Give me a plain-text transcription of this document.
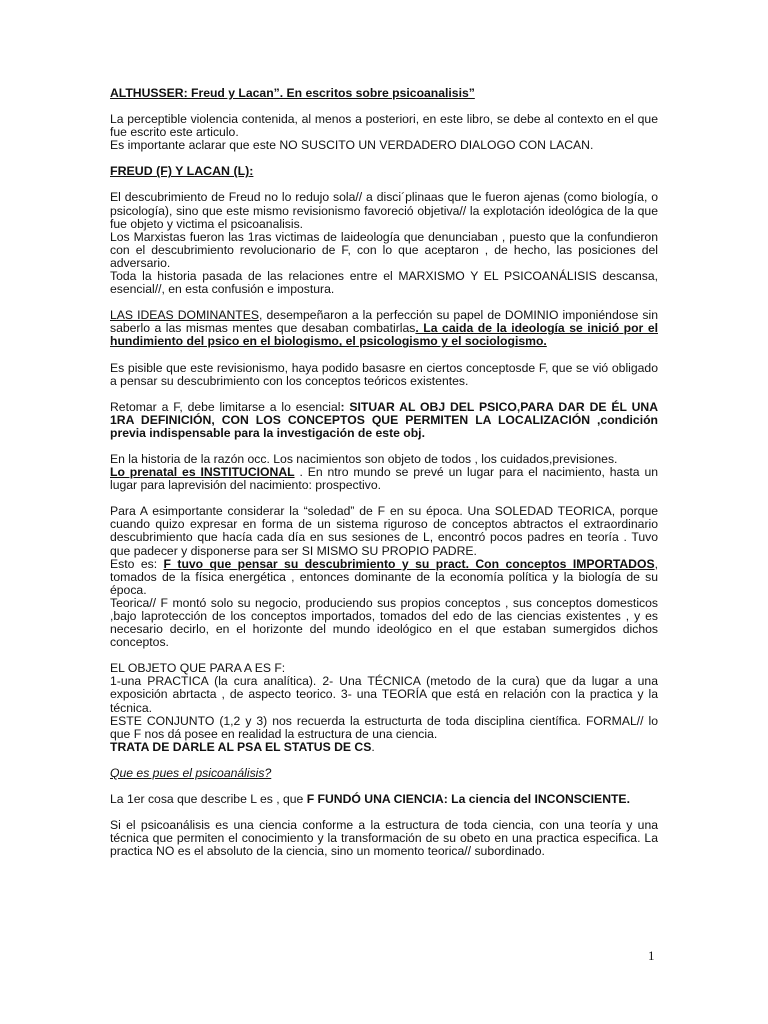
ALTHUSSER: Freud y Lacan”. En escritos sobre psicoanalisis”

La perceptible violencia contenida, al menos a posteriori, en este libro, se debe al contexto en el que fue escrito este articulo.
Es importante aclarar que este NO SUSCITO UN VERDADERO DIALOGO CON LACAN.

FREUD (F) Y LACAN (L):

El descubrimiento de Freud no lo redujo sola// a disci´plinaas que le fueron ajenas (como biología, o psicología), sino que este mismo revisionismo favoreció objetiva// la explotación ideológica de la que fue objeto y victima el psicoanalisis.
Los Marxistas fueron las 1ras victimas de laideología que denunciaban , puesto que la confundieron con el descubrimiento revolucionario de F, con lo que aceptaron , de hecho, las posiciones del adversario.
Toda la historia pasada de las relaciones entre el MARXISMO Y EL PSICOANÁLISIS descansa, esencial//, en esta confusión e impostura.

LAS IDEAS DOMINANTES, desempeñaron a la perfección su papel de DOMINIO imponiéndose sin saberlo a las mismas mentes que desaban combatirlas. La caida de la ideología se inició por el hundimiento del psico en el biologismo, el psicologismo y el sociologismo.

Es pisible que este revisionismo, haya podido basasre en ciertos conceptosde F, que se vió obligado a pensar su descubrimiento con los conceptos teóricos existentes.

Retomar a F, debe limitarse a lo esencial: SITUAR AL OBJ DEL PSICO,PARA DAR DE ÉL UNA 1RA DEFINICIÓN, CON LOS CONCEPTOS QUE PERMITEN LA LOCALIZACIÓN ,condición previa indispensable para la investigación de este obj.

En la historia de la razón occ. Los nacimientos son objeto de todos , los cuidados,previsiones.
Lo prenatal es INSTITUCIONAL . En ntro mundo se prevé un lugar para el nacimiento, hasta un lugar para laprevisión del nacimiento: prospectivo.

Para A esimportante considerar la “soledad” de F en su época. Una SOLEDAD TEORICA, porque cuando quizo expresar en forma de un sistema riguroso de conceptos abtractos el extraordinario descubrimiento que hacía cada día en sus sesiones de L, encontró pocos padres en teoría . Tuvo que padecer y disponerse para ser SI MISMO SU PROPIO PADRE.
Esto es: F tuvo que pensar su descubrimiento y su pract. Con conceptos IMPORTADOS, tomados de la física energética , entonces dominante de la economía política y la biología de su época.
Teorica// F montó solo su negocio, produciendo sus propios conceptos , sus conceptos domesticos ,bajo laprotección de los conceptos importados, tomados del edo de las ciencias existentes , y es necesario decirlo, en el horizonte del mundo ideológico en el que estaban sumergidos dichos conceptos.

EL OBJETO QUE PARA A ES F:
1-una PRACTICA (la cura analítica). 2- Una TÉCNICA (metodo de la cura) que da lugar a una exposición abrtacta , de aspecto teorico. 3- una TEORÍA que está en relación con la practica y la técnica.
ESTE CONJUNTO (1,2 y 3) nos recuerda la estructurta de toda disciplina científica. FORMAL// lo que F nos dá posee en realidad la estructura de una ciencia.
TRATA DE DARLE AL PSA EL STATUS DE CS.

Que es pues el psicoanálisis?

La 1er cosa que describe L es , que F FUNDÓ UNA CIENCIA: La ciencia del INCONSCIENTE.

Si el psicoanálisis es una ciencia conforme a la estructura de toda ciencia, con una teoría y una técnica que permiten el conocimiento y la transformación de su obeto en una practica especifica. La practica NO es el absoluto de la ciencia, sino un momento teorica// subordinado.

1
